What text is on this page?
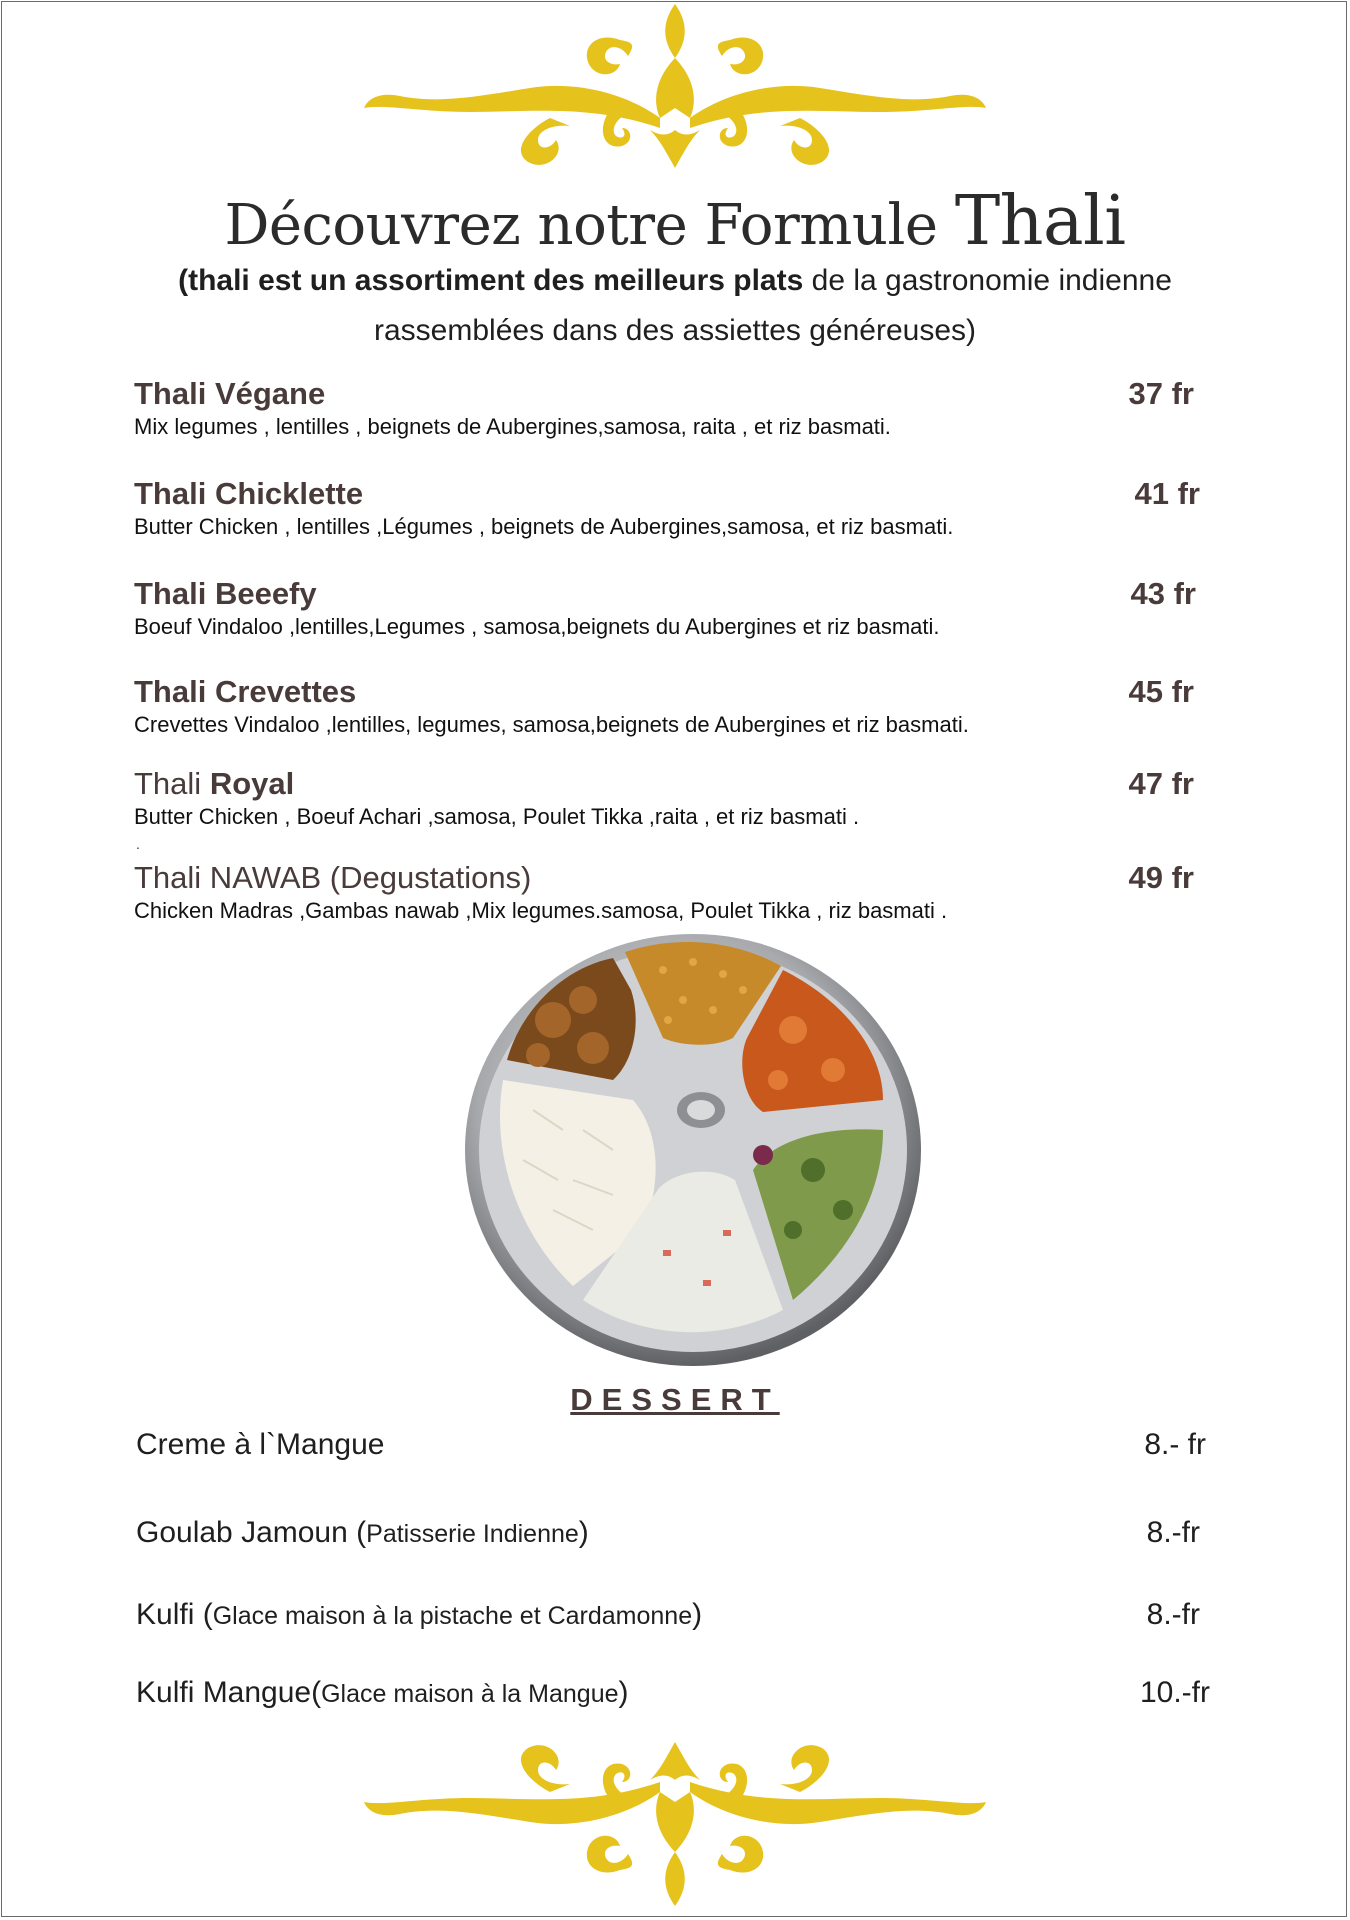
Découvrez notre Formule Thali
(thali est un assortiment des meilleurs plats de la gastronomie indienne
rassemblées dans des assiettes généreuses)
Thali Végane
Mix legumes , lentilles , beignets de Aubergines,samosa, raita , et riz basmati.
37 fr
Thali Chicklette
Butter Chicken , lentilles ,Légumes , beignets de Aubergines,samosa, et riz basmati.
41 fr
Thali Beeefy
Boeuf Vindaloo ,lentilles,Legumes , samosa,beignets du Aubergines et riz basmati.
43 fr
Thali Crevettes
Crevettes Vindaloo ,lentilles, legumes, samosa,beignets de Aubergines et riz basmati.
45 fr
Thali Royal
Butter Chicken , Boeuf Achari ,samosa, Poulet Tikka ,raita , et riz basmati .
47 fr
.
Thali NAWAB (Degustations)
Chicken Madras ,Gambas nawab ,Mix legumes.samosa, Poulet Tikka , riz basmati .
49 fr
DESSERT
Creme à l`Mangue	8.- fr
Goulab Jamoun (Patisserie Indienne)	8.-fr
Kulfi (Glace maison à la pistache et Cardamonne)	8.-fr
Kulfi Mangue(Glace maison à la Mangue)	10.-fr
